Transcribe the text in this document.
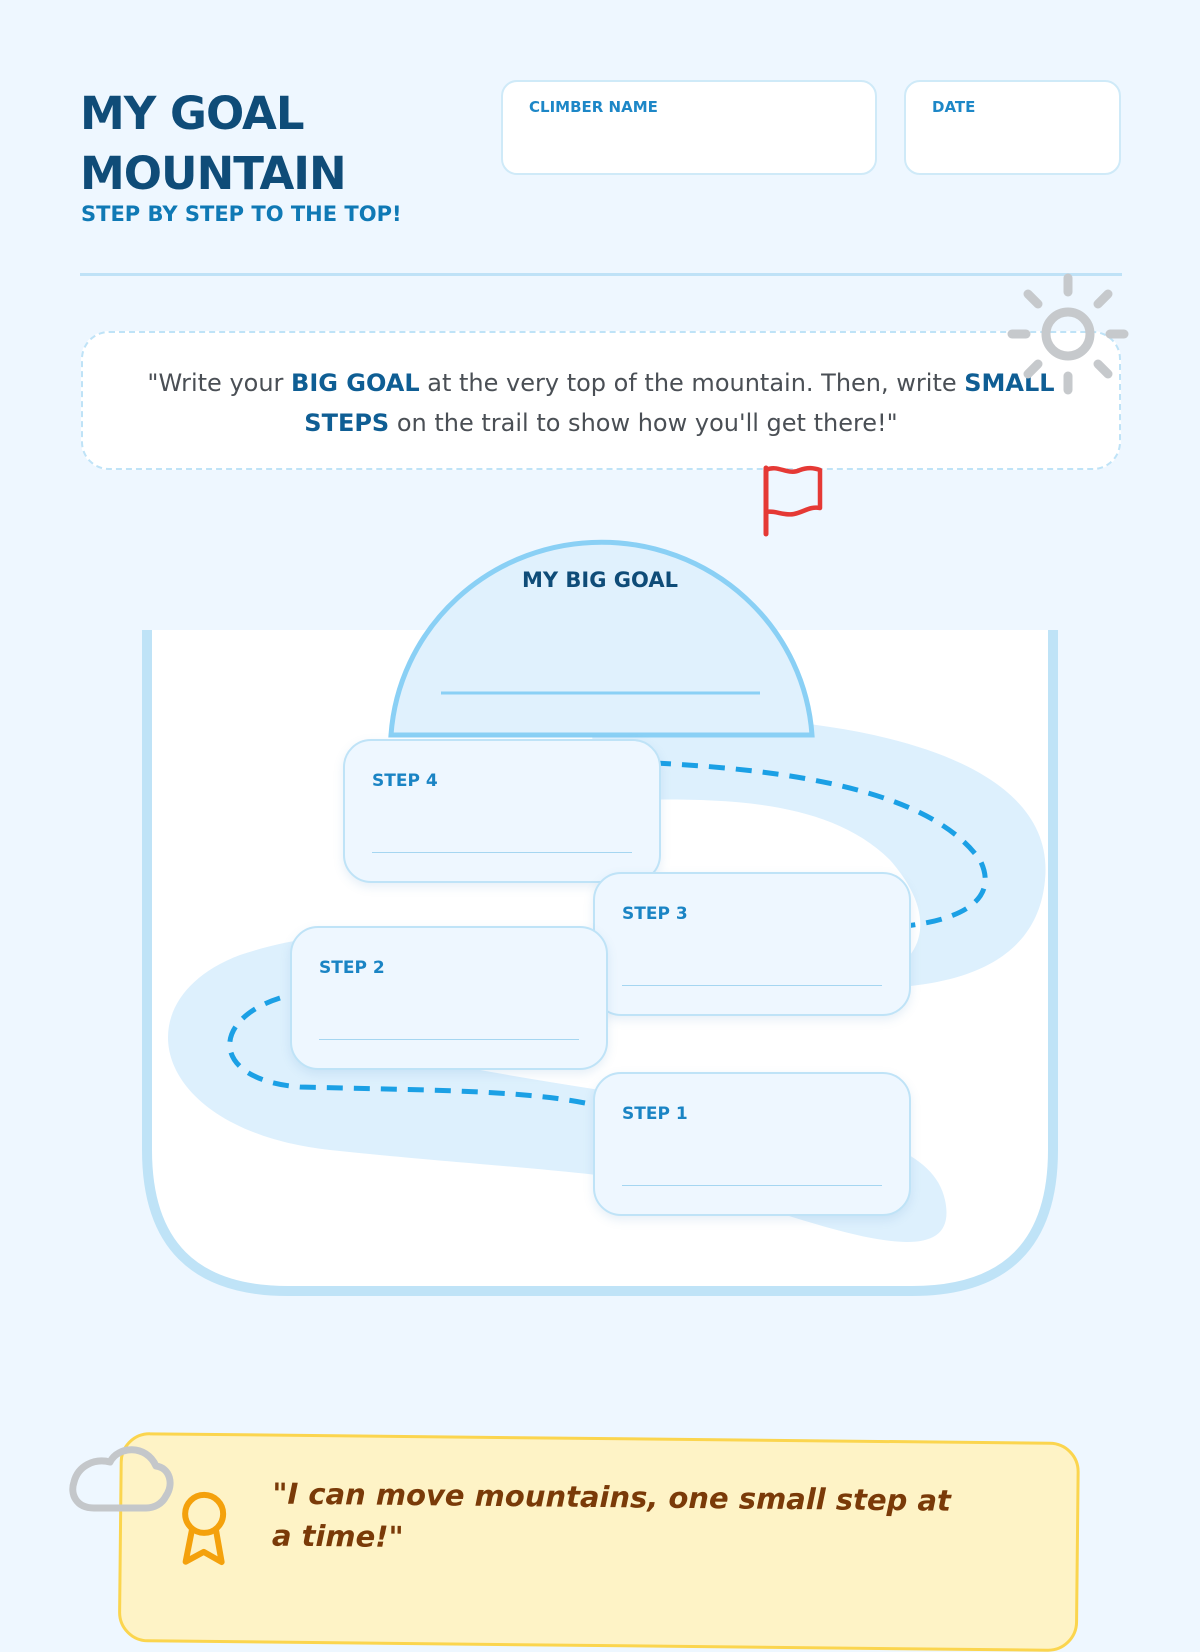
MY GOAL
MOUNTAIN
STEP BY STEP TO THE TOP!
CLIMBER NAME	DATE
"Write your BIG GOAL at the very top of the mountain. Then, write SMALL STEPS on the trail to show how you'll get there!"
MY BIG GOAL
STEP 4
STEP 3
STEP 2
STEP 1
"I can move mountains, one small step at a time!"
